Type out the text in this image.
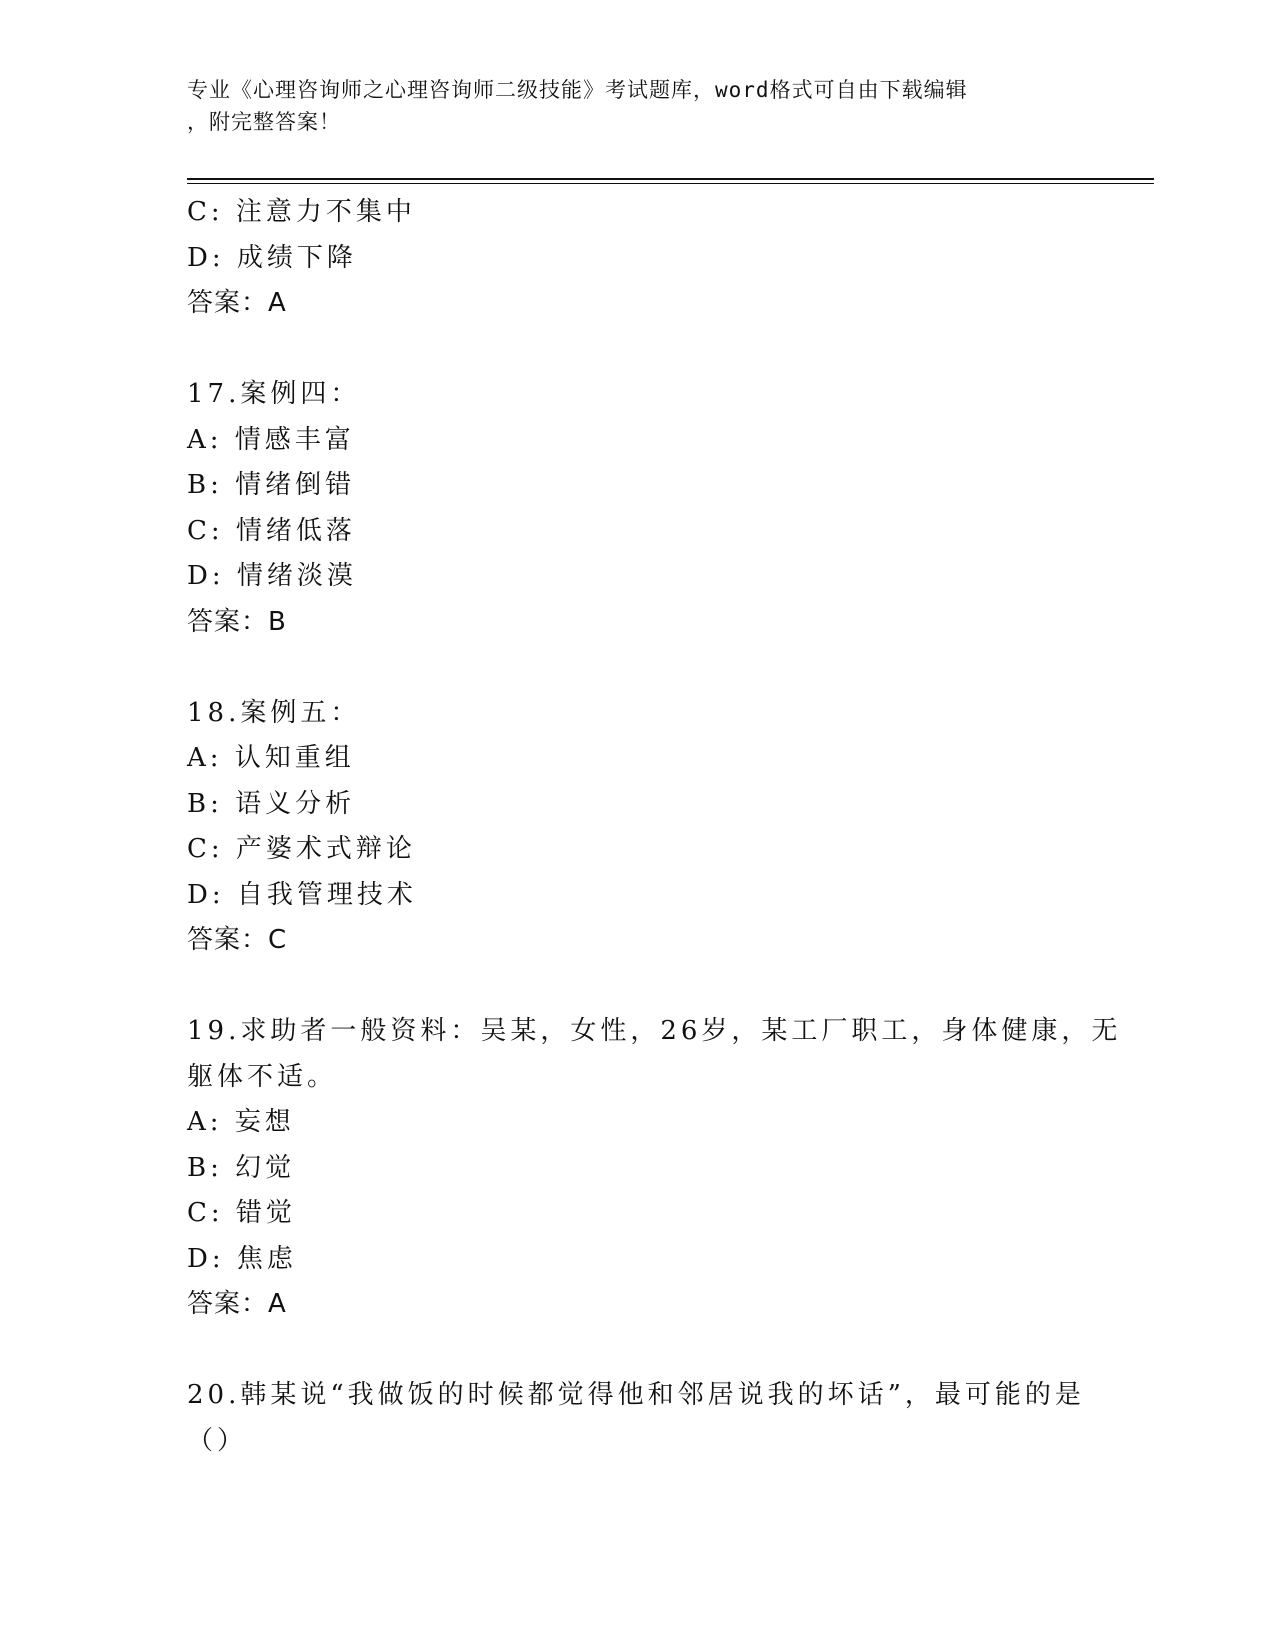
专业《心理咨询师之心理咨询师二级技能》考试题库，word格式可自由下载编辑
，附完整答案！
C: 注意力不集中
D: 成绩下降
答案：A
17.案例四：
A: 情感丰富
B: 情绪倒错
C: 情绪低落
D: 情绪淡漠
答案：B
18.案例五：
A: 认知重组
B: 语义分析
C: 产婆术式辩论
D: 自我管理技术
答案：C
19.求助者一般资料：吴某，女性，26岁，某工厂职工，身体健康，无
躯体不适。
A: 妄想
B: 幻觉
C: 错觉
D: 焦虑
答案：A
20.韩某说“我做饭的时候都觉得他和邻居说我的坏话”，最可能的是
（）
